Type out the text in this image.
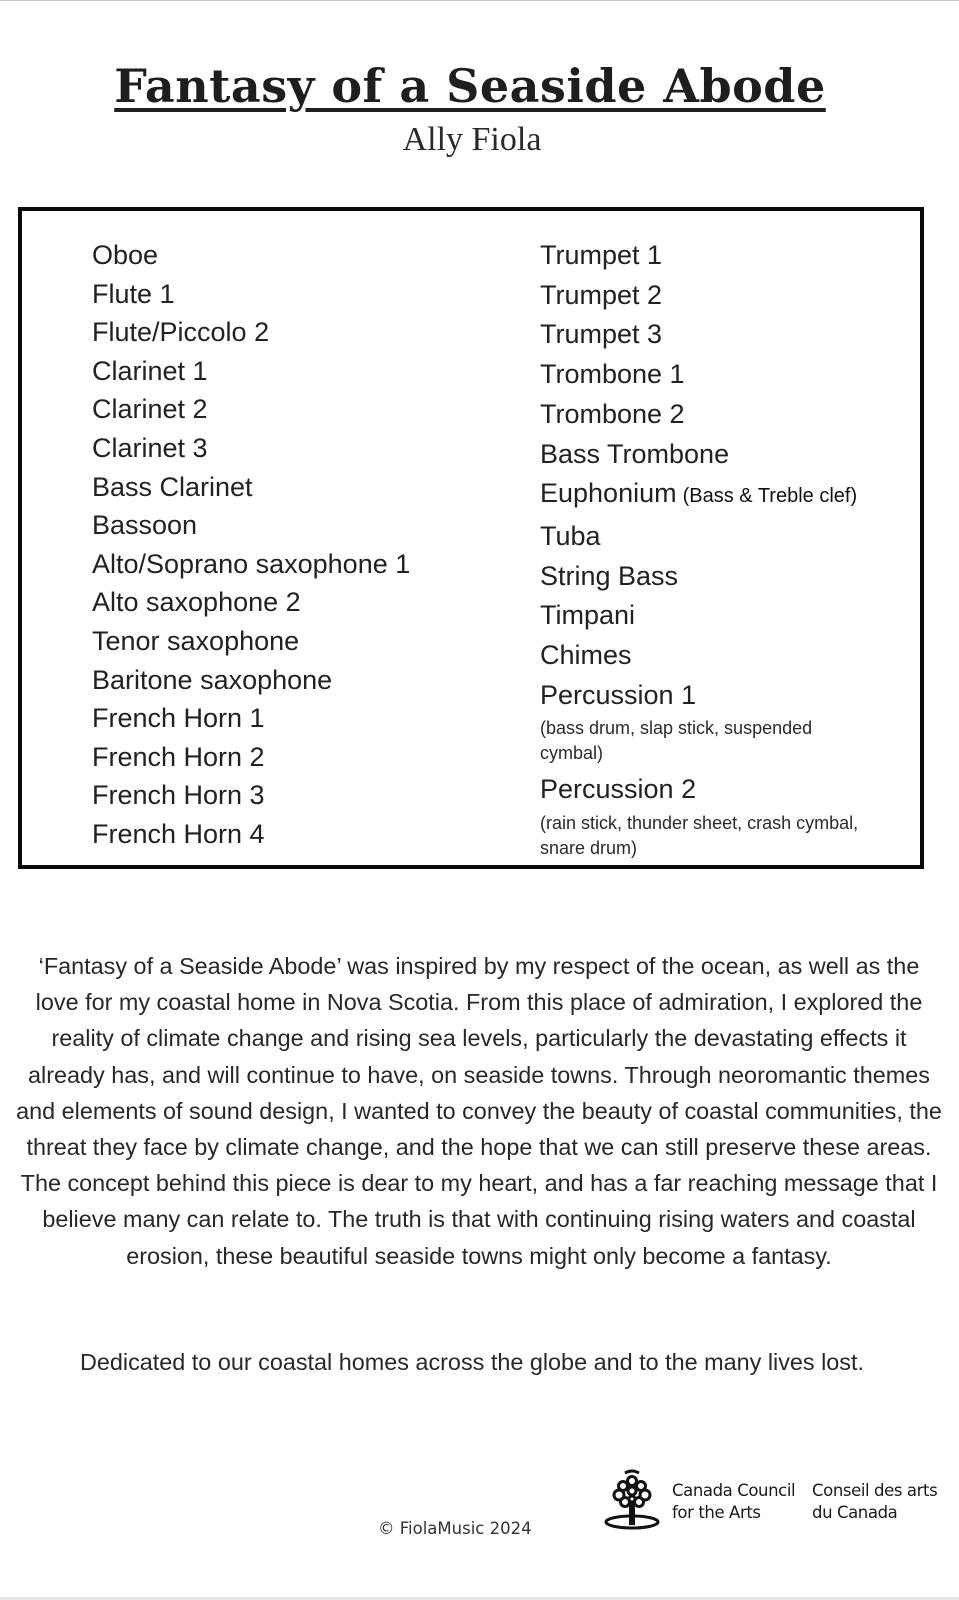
Fantasy of a Seaside Abode
Ally Fiola
Oboe
Flute 1
Flute/Piccolo 2
Clarinet 1
Clarinet 2
Clarinet 3
Bass Clarinet
Bassoon
Alto/Soprano saxophone 1
Alto saxophone 2
Tenor saxophone
Baritone saxophone
French Horn 1
French Horn 2
French Horn 3
French Horn 4
Trumpet 1
Trumpet 2
Trumpet 3
Trombone 1
Trombone 2
Bass Trombone
Euphonium (Bass & Treble clef)
Tuba
String Bass
Timpani
Chimes
Percussion 1
(bass drum, slap stick, suspended cymbal)
Percussion 2
(rain stick, thunder sheet, crash cymbal, snare drum)
‘Fantasy of a Seaside Abode’ was inspired by my respect of the ocean, as well as the love for my coastal home in Nova Scotia. From this place of admiration, I explored the reality of climate change and rising sea levels, particularly the devastating effects it already has, and will continue to have, on seaside towns. Through neoromantic themes and elements of sound design, I wanted to convey the beauty of coastal communities, the threat they face by climate change, and the hope that we can still preserve these areas. The concept behind this piece is dear to my heart, and has a far reaching message that I believe many can relate to. The truth is that with continuing rising waters and coastal erosion, these beautiful seaside towns might only become a fantasy.
Dedicated to our coastal homes across the globe and to the many lives lost.
© FiolaMusic 2024
Canada Council
for the Arts
Conseil des arts
du Canada
